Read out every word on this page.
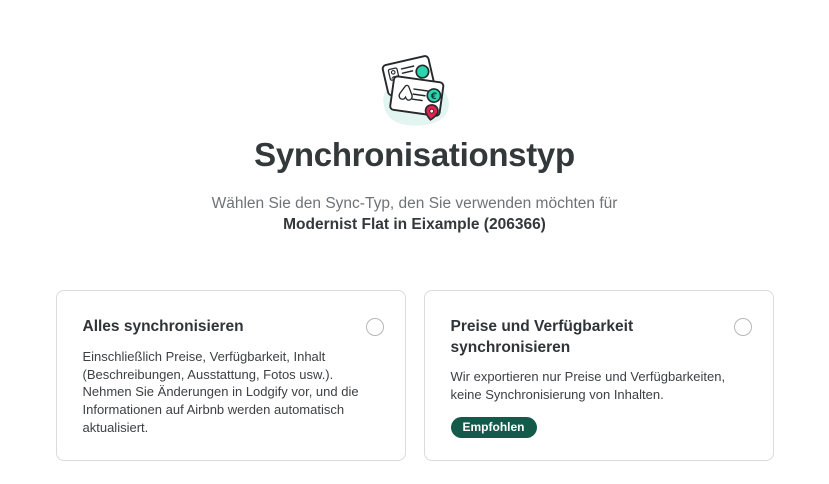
€
Synchronisationstyp
Wählen Sie den Sync-Typ, den Sie verwenden möchten für
Modernist Flat in Eixample (206366)
Alles synchronisieren
Einschließlich Preise, Verfügbarkeit, Inhalt (Beschreibungen, Ausstattung, Fotos usw.). Nehmen Sie Änderungen in Lodgify vor, und die Informationen auf Airbnb werden automatisch aktualisiert.
Preise und Verfügbarkeit synchronisieren
Wir exportieren nur Preise und Verfügbarkeiten, keine Synchronisierung von Inhalten.
Empfohlen
